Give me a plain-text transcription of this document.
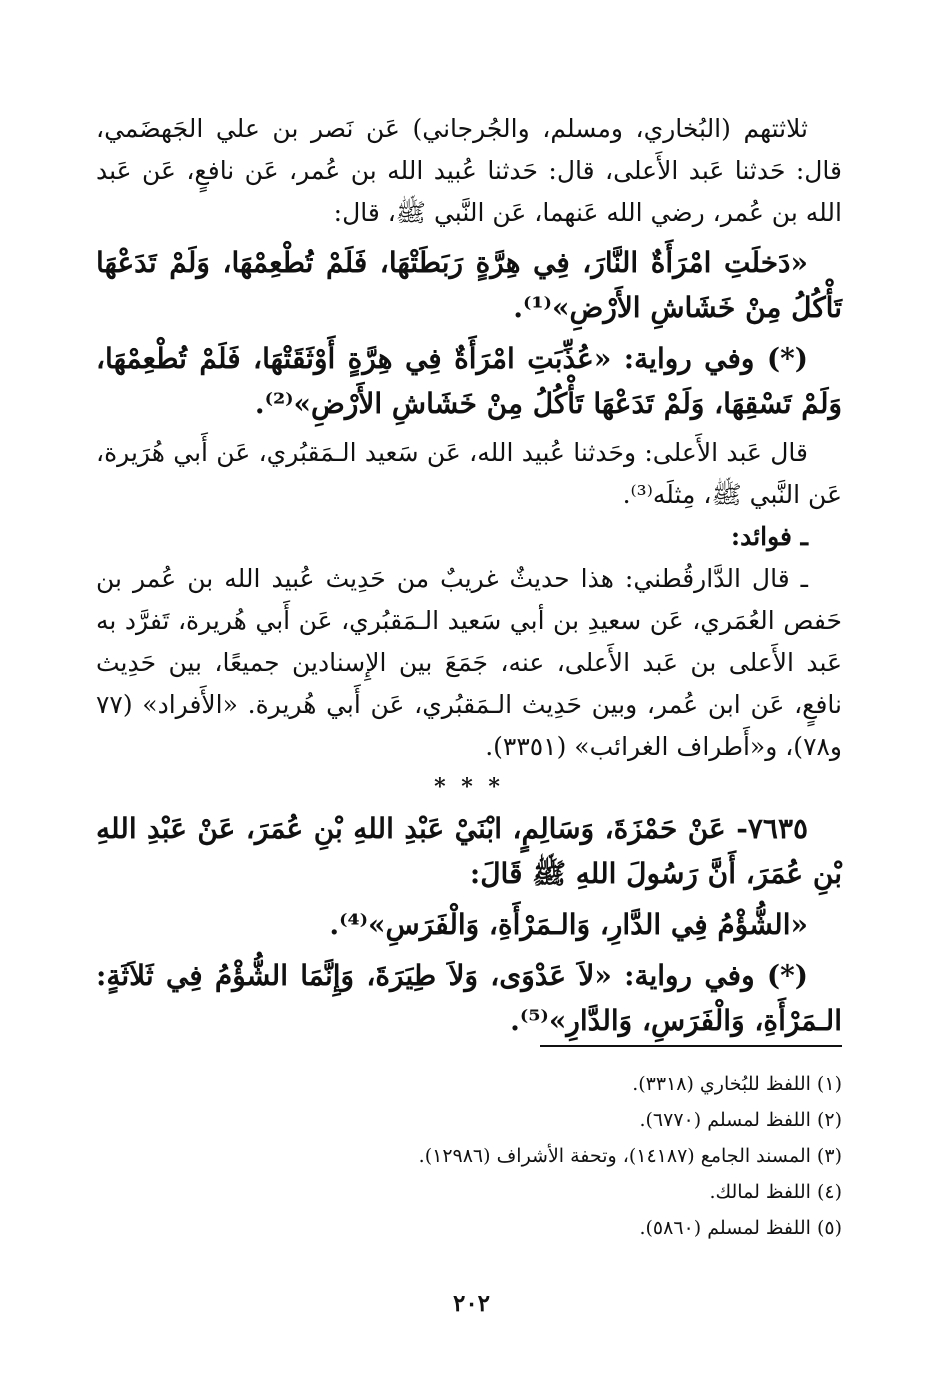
ثلاثتهم (البُخاري، ومسلم، والجُرجاني) عَن نَصر بن علي الجَهضَمي، قال: حَدثنا عَبد الأَعلى، قال: حَدثنا عُبيد الله بن عُمر، عَن نافعٍ، عَن عَبد الله بن عُمر، رضي الله عَنهما، عَن النَّبي ﷺ، قال:

«دَخلَتِ امْرَأَةٌ النَّارَ، فِي هِرَّةٍ رَبَطَتْهَا، فَلَمْ تُطْعِمْهَا، وَلَمْ تَدَعْهَا تَأْكُلُ مِنْ خَشَاشِ الأَرْضِ»⁽¹⁾.

(*) وفي رواية: «عُذِّبَتِ امْرَأَةٌ فِي هِرَّةٍ أَوْثَقَتْهَا، فَلَمْ تُطْعِمْهَا، وَلَمْ تَسْقِهَا، وَلَمْ تَدَعْهَا تَأْكُلُ مِنْ خَشَاشِ الأَرْضِ»⁽²⁾.

قال عَبد الأَعلى: وحَدثنا عُبيد الله، عَن سَعيد الـمَقبُري، عَن أَبي هُرَيرة، عَن النَّبي ﷺ، مِثلَه⁽³⁾.

ـ فوائد:

ـ قال الدَّارقُطني: هذا حديثٌ غريبٌ من حَدِيث عُبيد الله بن عُمر بن حَفص العُمَري، عَن سعيدِ بن أبي سَعيد الـمَقبُري، عَن أَبي هُريرة، تَفرَّد به عَبد الأَعلى بن عَبد الأَعلى، عنه، جَمَعَ بين الإِسنادين جميعًا، بين حَدِيث نافعٍ، عَن ابن عُمر، وبين حَدِيث الـمَقبُري، عَن أَبي هُريرة. «الأَفراد» (٧٧ و٧٨)، و«أَطراف الغرائب» (٣٣٥١).

* * *

٧٦٣٥- عَنْ حَمْزَةَ، وَسَالِمٍ، ابْنَيْ عَبْدِ اللهِ بْنِ عُمَرَ، عَنْ عَبْدِ اللهِ بْنِ عُمَرَ، أَنَّ رَسُولَ اللهِ ﷺ قَالَ:

«الشُّؤْمُ فِي الدَّارِ، وَالـمَرْأَةِ، وَالْفَرَسِ»⁽⁴⁾.

(*) وفي رواية: «لاَ عَدْوَى، وَلاَ طِيَرَةَ، وَإِنَّمَا الشُّؤْمُ فِي ثَلاَثَةٍ: الـمَرْأَةِ، وَالْفَرَسِ، وَالدَّارِ»⁽⁵⁾.

(١) اللفظ للبُخاري (٣٣١٨).

(٢) اللفظ لمسلم (٦٧٧٠).

(٣) المسند الجامع (١٤١٨٧)، وتحفة الأشراف (١٢٩٨٦).

(٤) اللفظ لمالك.

(٥) اللفظ لمسلم (٥٨٦٠).

٢٠٢
